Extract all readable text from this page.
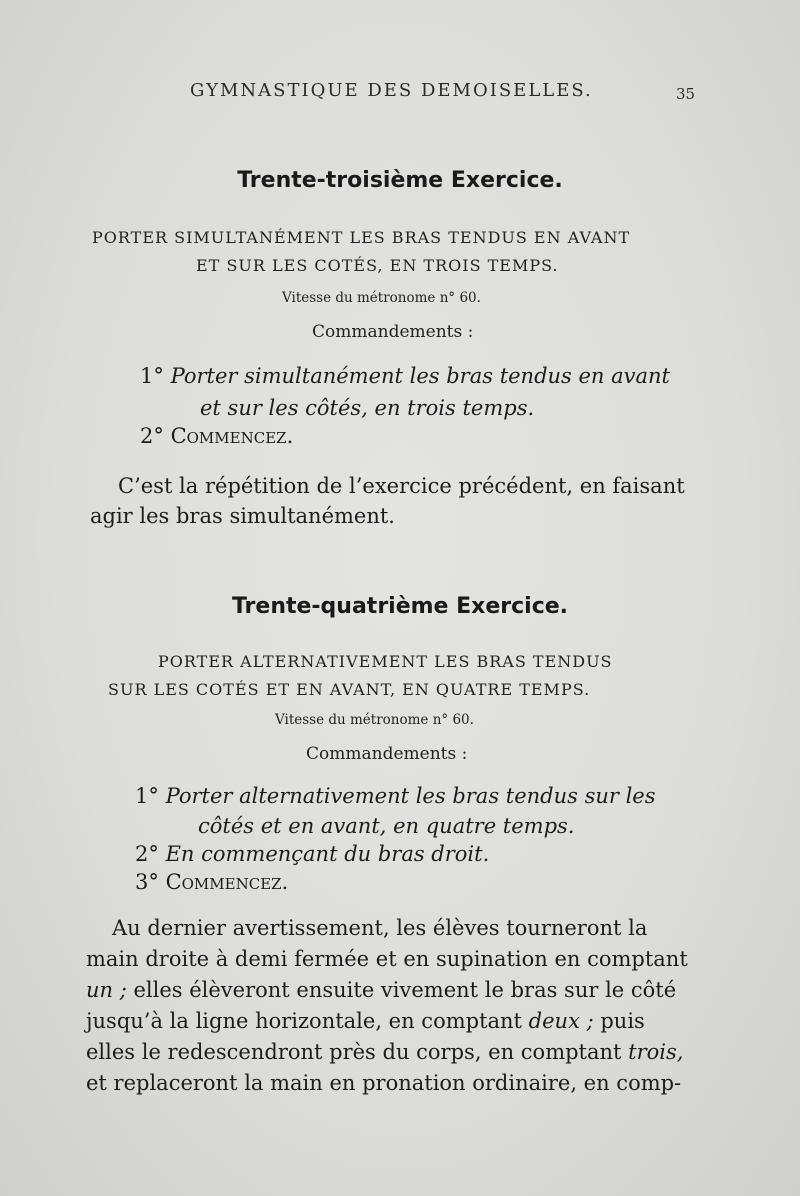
GYMNASTIQUE DES DEMOISELLES.	35
Trente-troisième Exercice.
PORTER SIMULTANÉMENT LES BRAS TENDUS EN AVANT
ET SUR LES COTÉS, EN TROIS TEMPS.
Vitesse du métronome n° 60.
Commandements :
1° Porter simultanément les bras tendus en avant
et sur les côtés, en trois temps.
2° Commencez.
C’est la répétition de l’exercice précédent, en faisant
agir les bras simultanément.
Trente-quatrième Exercice.
PORTER ALTERNATIVEMENT LES BRAS TENDUS
SUR LES COTÉS ET EN AVANT, EN QUATRE TEMPS.
Vitesse du métronome n° 60.
Commandements :
1° Porter alternativement les bras tendus sur les
côtés et en avant, en quatre temps.
2° En commençant du bras droit.
3° Commencez.
Au dernier avertissement, les élèves tourneront la
main droite à demi fermée et en supination en comptant
un ; elles élèveront ensuite vivement le bras sur le côté
jusqu’à la ligne horizontale, en comptant deux ; puis
elles le redescendront près du corps, en comptant trois,
et replaceront la main en pronation ordinaire, en comp-
